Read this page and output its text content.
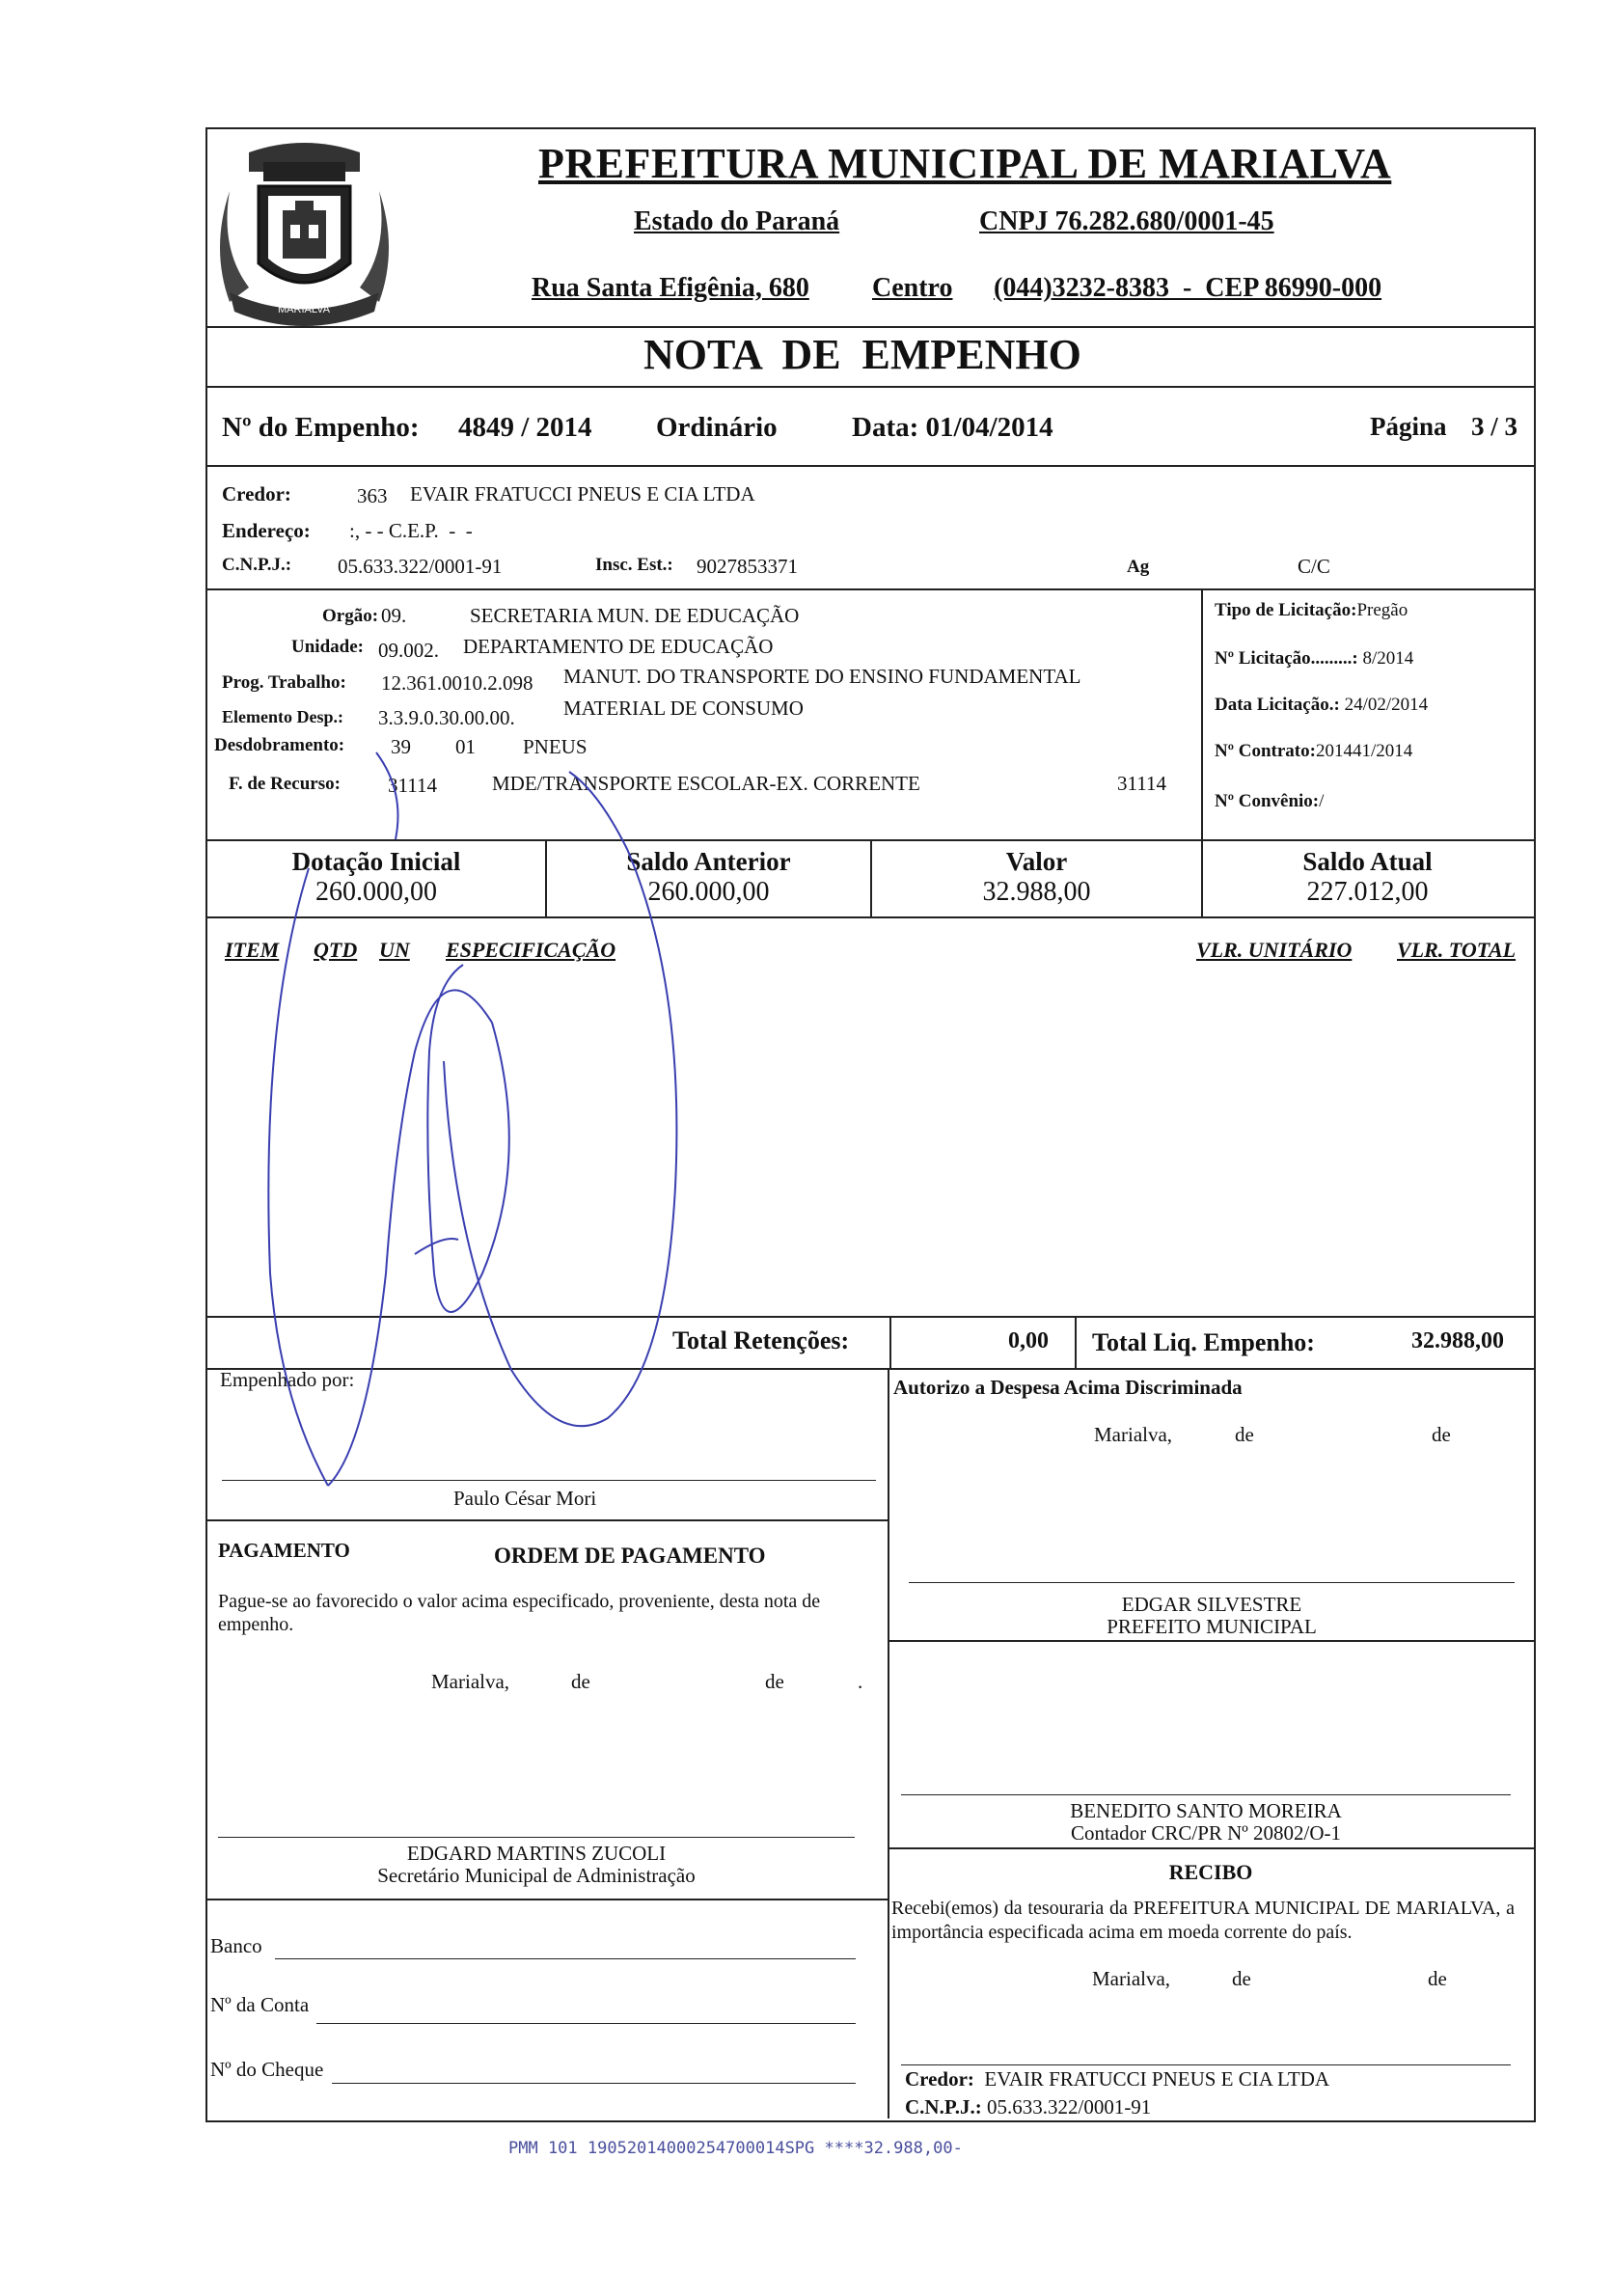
MARIALVA
PREFEITURA MUNICIPAL DE MARIALVA
Estado do Paraná	CNPJ 76.282.680/0001-45
Rua Santa Efigênia, 680 Centro (044)3232-8383  -  CEP 86990-000
NOTA  DE  EMPENHO
Nº do Empenho: 4849 / 2014 Ordinário	Data: 01/04/2014	Página 3 / 3
Credor:	363 EVAIR FRATUCCI PNEUS E CIA LTDA
Endereço: :, - - C.E.P.  -  -
C.N.P.J.: 05.633.322/0001-91	Insc. Est.: 9027853371	Ag	C/C
Orgão: 09.	SECRETARIA MUN. DE EDUCAÇÃO
Unidade: 09.002. DEPARTAMENTO DE EDUCAÇÃO
Prog. Trabalho: 12.361.0010.2.098 MANUT. DO TRANSPORTE DO ENSINO FUNDAMENTAL
Elemento Desp.: 3.3.9.0.30.00.00. MATERIAL DE CONSUMO
Desdobramento: 39 01 PNEUS
F. de Recurso: 31114	MDE/TRANSPORTE ESCOLAR-EX. CORRENTE	31114
Tipo de Licitação:Pregão
Nº Licitação.........: 8/2014
Data Licitação.: 24/02/2014
Nº Contrato:201441/2014
Nº Convênio:/
Dotação Inicial
260.000,00
Saldo Anterior
260.000,00
Valor
32.988,00
Saldo Atual
227.012,00
ITEM QTD UN ESPECIFICAÇÃO	VLR. UNITÁRIO VLR. TOTAL
Total Retenções:	0,00 Total Liq. Empenho:	32.988,00
Empenhado por:
Paulo César Mori
Autorizo a Despesa Acima Discriminada
Marialva,	de	de
EDGAR SILVESTRE
PREFEITO MUNICIPAL
PAGAMENTO	ORDEM DE PAGAMENTO
Pague-se ao favorecido o valor acima especificado, proveniente, desta nota de empenho.
Marialva,	de	de	.
EDGARD MARTINS ZUCOLI
Secretário Municipal de Administração
BENEDITO SANTO MOREIRA
Contador CRC/PR Nº 20802/O-1
RECIBO
Recebi(emos) da tesouraria da PREFEITURA MUNICIPAL DE MARIALVA, a importância especificada acima em moeda corrente do país.
Marialva,	de	de
Credor: EVAIR FRATUCCI PNEUS E CIA LTDA
C.N.P.J.: 05.633.322/0001-91
Banco
Nº da Conta
Nº do Cheque
PMM 101 19052014000254700014SPG ****32.988,00-
